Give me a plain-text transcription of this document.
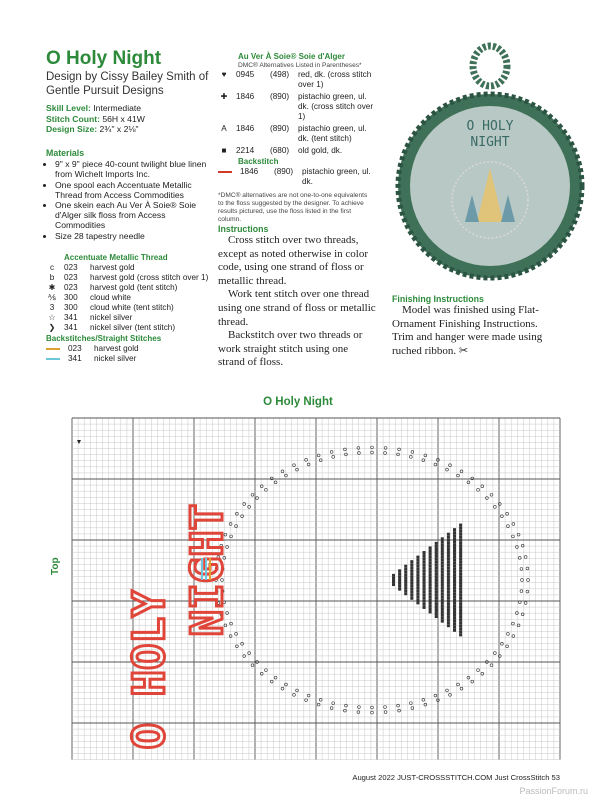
O Holy Night
Design by Cissy Bailey Smith of Gentle Pursuit Designs
Skill Level: Intermediate
Stitch Count: 56H x 41W
Design Size: 2¾" x 2⅛"
Materials
• 9" x 9" piece 40-count twilight blue linen from Wichelt Imports Inc.
• One spool each Accentuate Metallic Thread from Access Commodities
• One skein each Au Ver À Soie® Soie d'Alger silk floss from Access Commodities
• Size 28 tapestry needle
Accentuate Metallic Thread
c	023	harvest gold
b	023	harvest gold (cross stitch over 1)
✱	023	harvest gold (tent stitch)
⅍ 300	cloud white
3	300	cloud white (tent stitch)
☆	341	nickel silver
❯	341	nickel silver (tent stitch)
Backstitches/Straight Stitches
023	harvest gold
341	nickel silver
Au Ver À Soie® Soie d'Alger
DMC® Alternatives Listed in Parentheses*
♥	0945	(498)	red, dk. (cross stitch over 1)
✚	1846	(890)	pistachio green, ul. dk. (cross stitch over 1)
A	1846	(890)	pistachio green, ul. dk. (tent stitch)
■	2214	(680)	old gold, dk.
Backstitch
1846	(890)	pistachio green, ul. dk.
*DMC® alternatives are not one-to-one equivalents to the floss suggested by the designer. To achieve results pictured, use the floss listed in the first column.
Instructions
Cross stitch over two threads, except as noted otherwise in color code, using one strand of floss or metallic thread.
Work tent stitch over one thread using one strand of floss or metallic thread.
Backstitch over two threads or work straight stitch using one strand of floss.
O HOLY
NIGHT
Finishing Instructions
Model was finished using Flat-Ornament Finishing Instructions. Trim and hanger were made using ruched ribbon. ✂
O Holy Night
Top
O HOLY
NIGHT
August 2022 JUST-CROSSSTITCH.COM Just CrossStitch 53
PassionForum.ru
